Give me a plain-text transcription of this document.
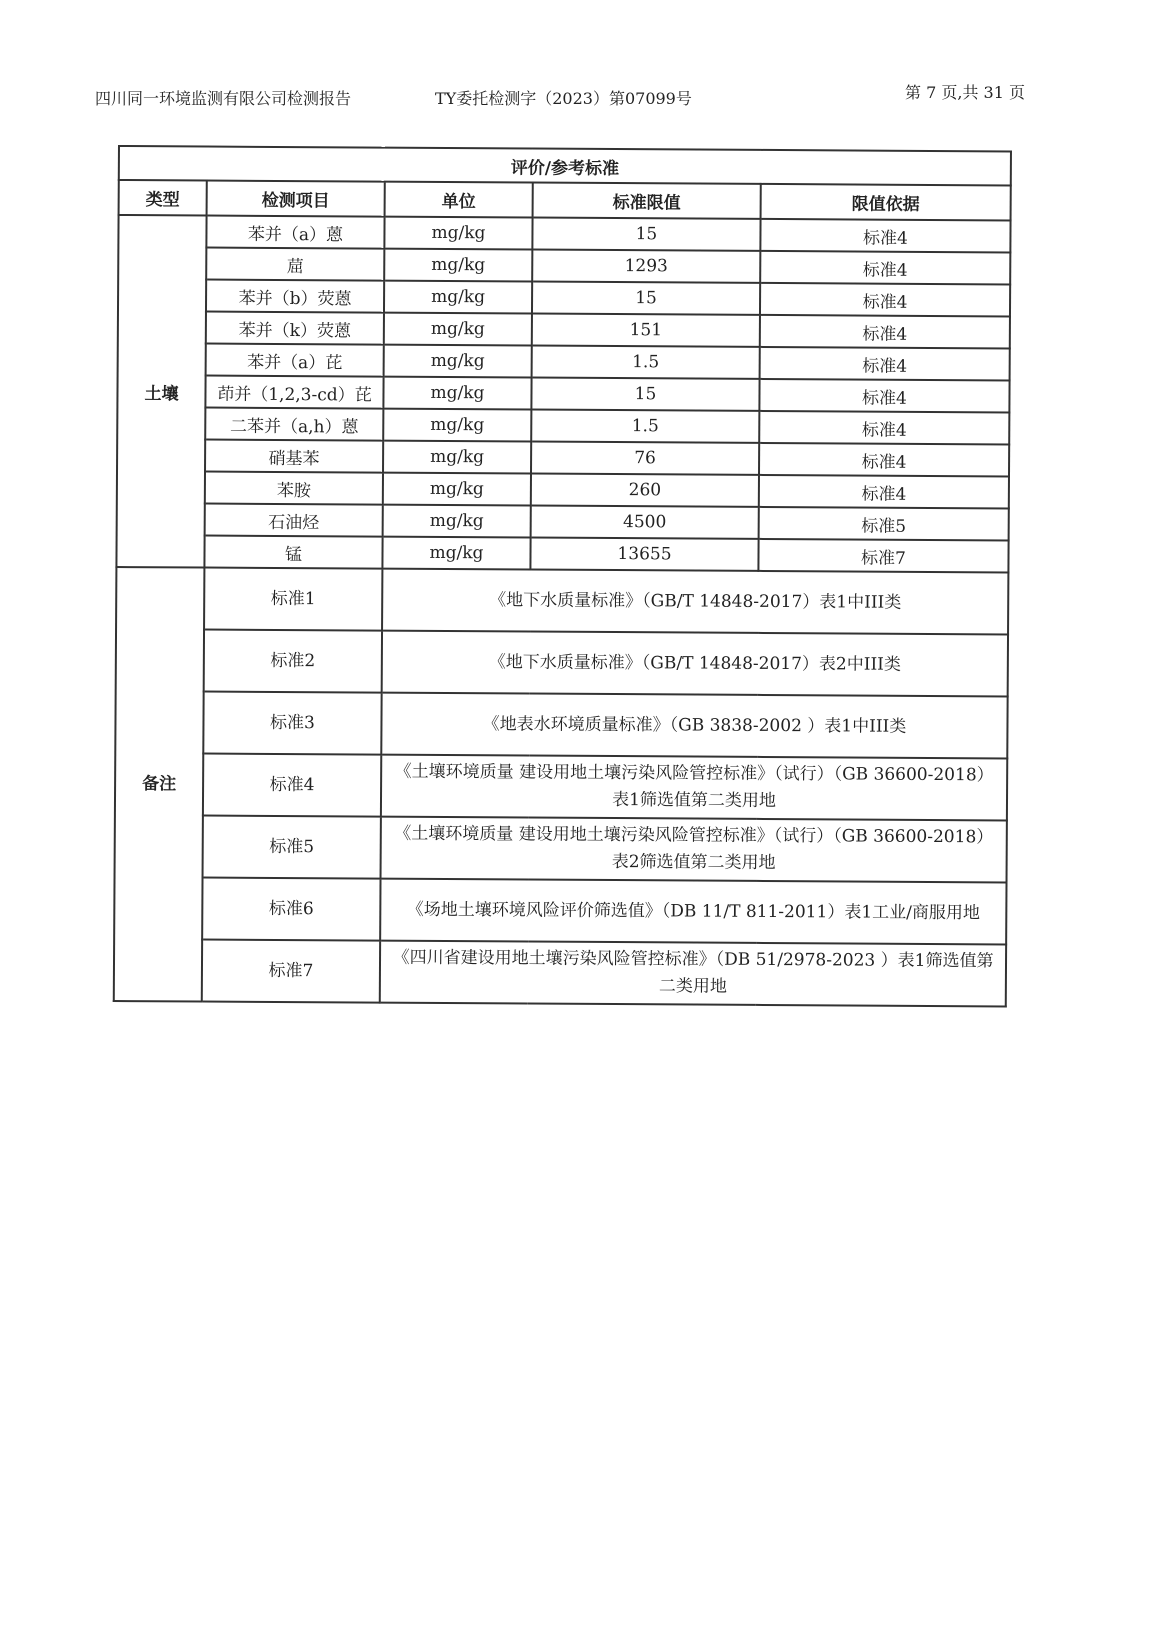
四川同一环境监测有限公司检测报告	TY委托检测字（2023）第07099号	第 7 页,共 31 页
评价/参考标准				
类型	检测项目	单位	标准限值	限值依据
土壤	苯并（a）蒽	mg/kg	15	标准4
	䓛	mg/kg	1293	标准4
	苯并（b）荧蒽	mg/kg	15	标准4
	苯并（k）荧蒽	mg/kg	151	标准4
	苯并（a）芘	mg/kg	1.5	标准4
	茚并（1,2,3-cd）芘	mg/kg	15	标准4
	二苯并（a,h）蒽	mg/kg	1.5	标准4
	硝基苯	mg/kg	76	标准4
	苯胺	mg/kg	260	标准4
	石油烃	mg/kg	4500	标准5
	锰	mg/kg	13655	标准7
备注	标准1	《地下水质量标准》（GB/T 14848-2017）表1中III类		
	标准2	《地下水质量标准》（GB/T 14848-2017）表2中III类		
	标准3	《地表水环境质量标准》（GB 3838-2002 ）表1中III类		
	标准4	《土壤环境质量 建设用地土壤污染风险管控标准》（试行）（GB 36600-2018）表1筛选值第二类用地		
	标准5	《土壤环境质量 建设用地土壤污染风险管控标准》（试行）（GB 36600-2018）表2筛选值第二类用地		
	标准6	《场地土壤环境风险评价筛选值》（DB 11/T 811-2011）表1工业/商服用地		
	标准7	《四川省建设用地土壤污染风险管控标准》（DB 51/2978-2023 ）表1筛选值第二类用地		
